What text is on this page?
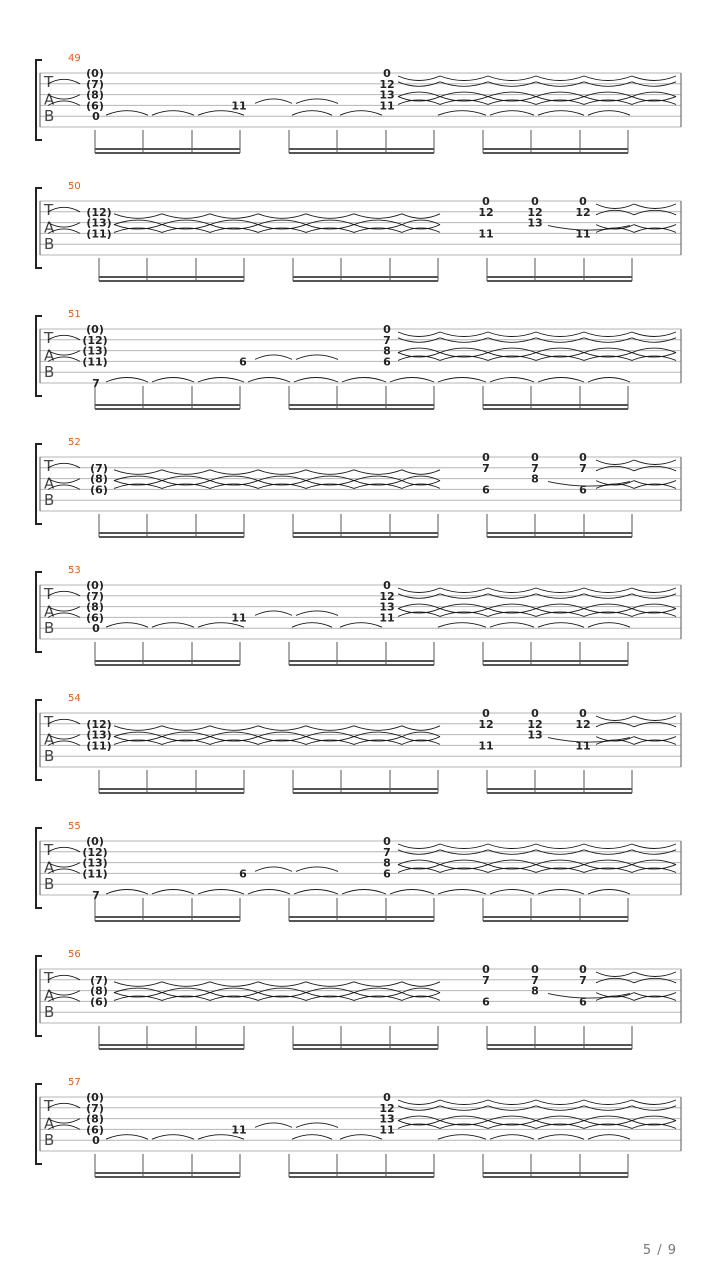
49
T
A
B
(0)
(7)
(8)
(6)
0
11
0
12
13
11
50
T
A
B
(12)
(13)
(11)
0
12
11
0
12
13
0
12
11
51
T
A
B
(0)
(12)
(13)
(11)
7
6
0
7
8
6
52
T
A
B
(7)
(8)
(6)
0
7
6
0
7
8
0
7
6
53
T
A
B
(0)
(7)
(8)
(6)
0
11
0
12
13
11
54
T
A
B
(12)
(13)
(11)
0
12
11
0
12
13
0
12
11
55
T
A
B
(0)
(12)
(13)
(11)
7
6
0
7
8
6
56
T
A
B
(7)
(8)
(6)
0
7
6
0
7
8
0
7
6
57
T
A
B
(0)
(7)
(8)
(6)
0
11
0
12
13
11
5 / 9
